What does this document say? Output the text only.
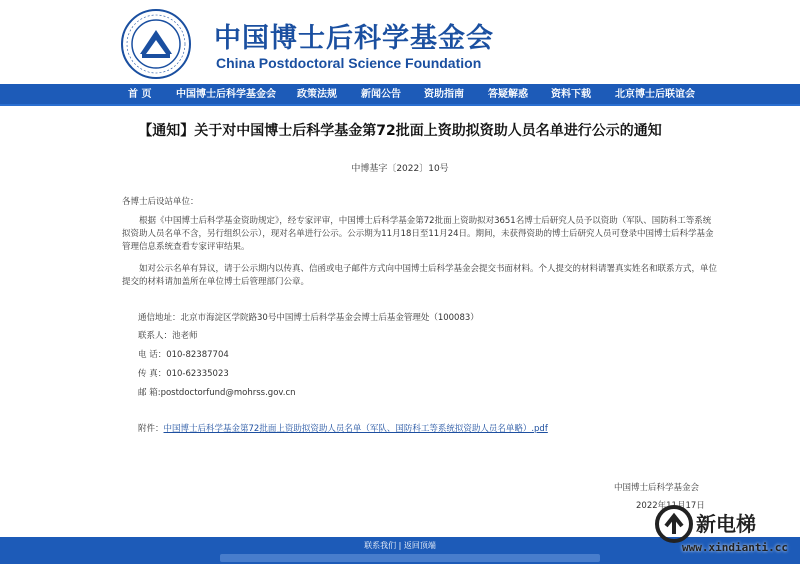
中国博士后科学基金会
China Postdoctoral Science Foundation
首 页 中国博士后科学基金会 政策法规 新闻公告 资助指南 答疑解惑 资料下载 北京博士后联谊会
【通知】关于对中国博士后科学基金第72批面上资助拟资助人员名单进行公示的通知
中博基字〔2022〕10号
各博士后设站单位：
根据《中国博士后科学基金资助规定》，经专家评审，中国博士后科学基金第72批面上资助拟对3651名博士后研究人员予以资助（军队、国防科工等系统拟资助人员名单不含，另行组织公示），现对名单进行公示。公示期为11月18日至11月24日。期间，未获得资助的博士后研究人员可登录中国博士后科学基金管理信息系统查看专家评审结果。
如对公示名单有异议，请于公示期内以传真、信函或电子邮件方式向中国博士后科学基金会提交书面材料。个人提交的材料请署真实姓名和联系方式，单位提交的材料请加盖所在单位博士后管理部门公章。
通信地址：北京市海淀区学院路30号中国博士后科学基金会博士后基金管理处（100083）
联系人：池老师
电 话：010-82387704
传 真：010-62335023
邮 箱:postdoctorfund@mohrss.gov.cn
附件：中国博士后科学基金第72批面上资助拟资助人员名单（军队、国防科工等系统拟资助人员名单略）.pdf
中国博士后科学基金会
2022年11月17日
联系我们 | 返回顶端
新电梯
www.xindianti.cc
